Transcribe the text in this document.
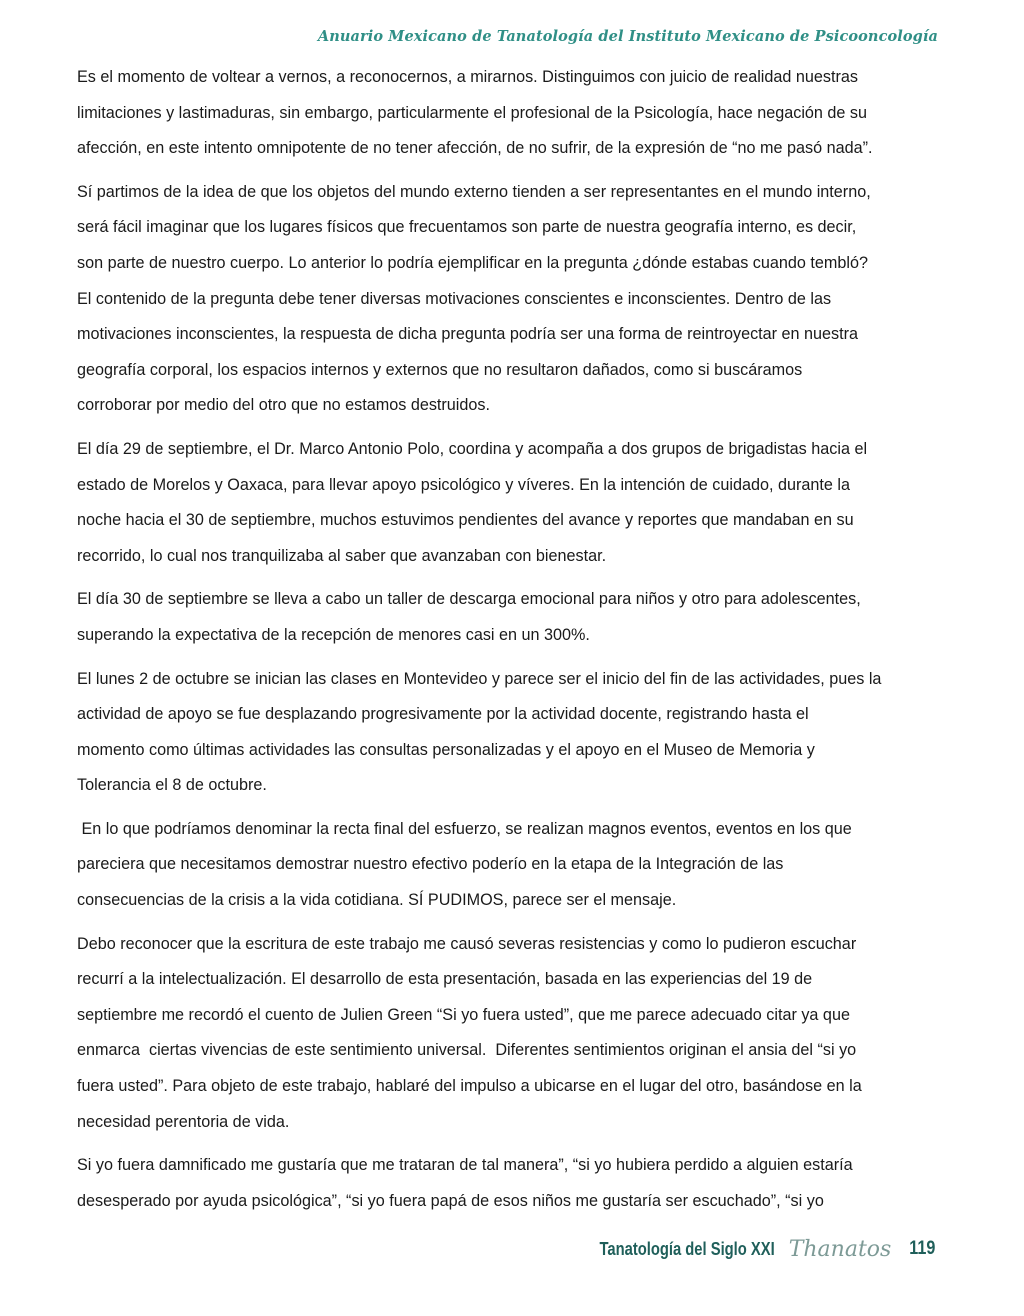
Anuario Mexicano de Tanatología del Instituto Mexicano de Psicooncología

Es el momento de voltear a vernos, a reconocernos, a mirarnos. Distinguimos con juicio de realidad nuestras
limitaciones y lastimaduras, sin embargo, particularmente el profesional de la Psicología, hace negación de su
afección, en este intento omnipotente de no tener afección, de no sufrir, de la expresión de “no me pasó nada”.

Sí partimos de la idea de que los objetos del mundo externo tienden a ser representantes en el mundo interno,
será fácil imaginar que los lugares físicos que frecuentamos son parte de nuestra geografía interno, es decir,
son parte de nuestro cuerpo. Lo anterior lo podría ejemplificar en la pregunta ¿dónde estabas cuando tembló?
El contenido de la pregunta debe tener diversas motivaciones conscientes e inconscientes. Dentro de las
motivaciones inconscientes, la respuesta de dicha pregunta podría ser una forma de reintroyectar en nuestra
geografía corporal, los espacios internos y externos que no resultaron dañados, como si buscáramos
corroborar por medio del otro que no estamos destruidos.

El día 29 de septiembre, el Dr. Marco Antonio Polo, coordina y acompaña a dos grupos de brigadistas hacia el
estado de Morelos y Oaxaca, para llevar apoyo psicológico y víveres. En la intención de cuidado, durante la
noche hacia el 30 de septiembre, muchos estuvimos pendientes del avance y reportes que mandaban en su
recorrido, lo cual nos tranquilizaba al saber que avanzaban con bienestar.

El día 30 de septiembre se lleva a cabo un taller de descarga emocional para niños y otro para adolescentes,
superando la expectativa de la recepción de menores casi en un 300%.

El lunes 2 de octubre se inician las clases en Montevideo y parece ser el inicio del fin de las actividades, pues la
actividad de apoyo se fue desplazando progresivamente por la actividad docente, registrando hasta el
momento como últimas actividades las consultas personalizadas y el apoyo en el Museo de Memoria y
Tolerancia el 8 de octubre.

En lo que podríamos denominar la recta final del esfuerzo, se realizan magnos eventos, eventos en los que
pareciera que necesitamos demostrar nuestro efectivo poderío en la etapa de la Integración de las
consecuencias de la crisis a la vida cotidiana. SÍ PUDIMOS, parece ser el mensaje.

Debo reconocer que la escritura de este trabajo me causó severas resistencias y como lo pudieron escuchar
recurrí a la intelectualización. El desarrollo de esta presentación, basada en las experiencias del 19 de
septiembre me recordó el cuento de Julien Green “Si yo fuera usted”, que me parece adecuado citar ya que
enmarca  ciertas vivencias de este sentimiento universal.  Diferentes sentimientos originan el ansia del “si yo
fuera usted”. Para objeto de este trabajo, hablaré del impulso a ubicarse en el lugar del otro, basándose en la
necesidad perentoria de vida.

Si yo fuera damnificado me gustaría que me trataran de tal manera”, “si yo hubiera perdido a alguien estaría
desesperado por ayuda psicológica”, “si yo fuera papá de esos niños me gustaría ser escuchado”, “si yo

Tanatología del Siglo XXI Thanatos 119
